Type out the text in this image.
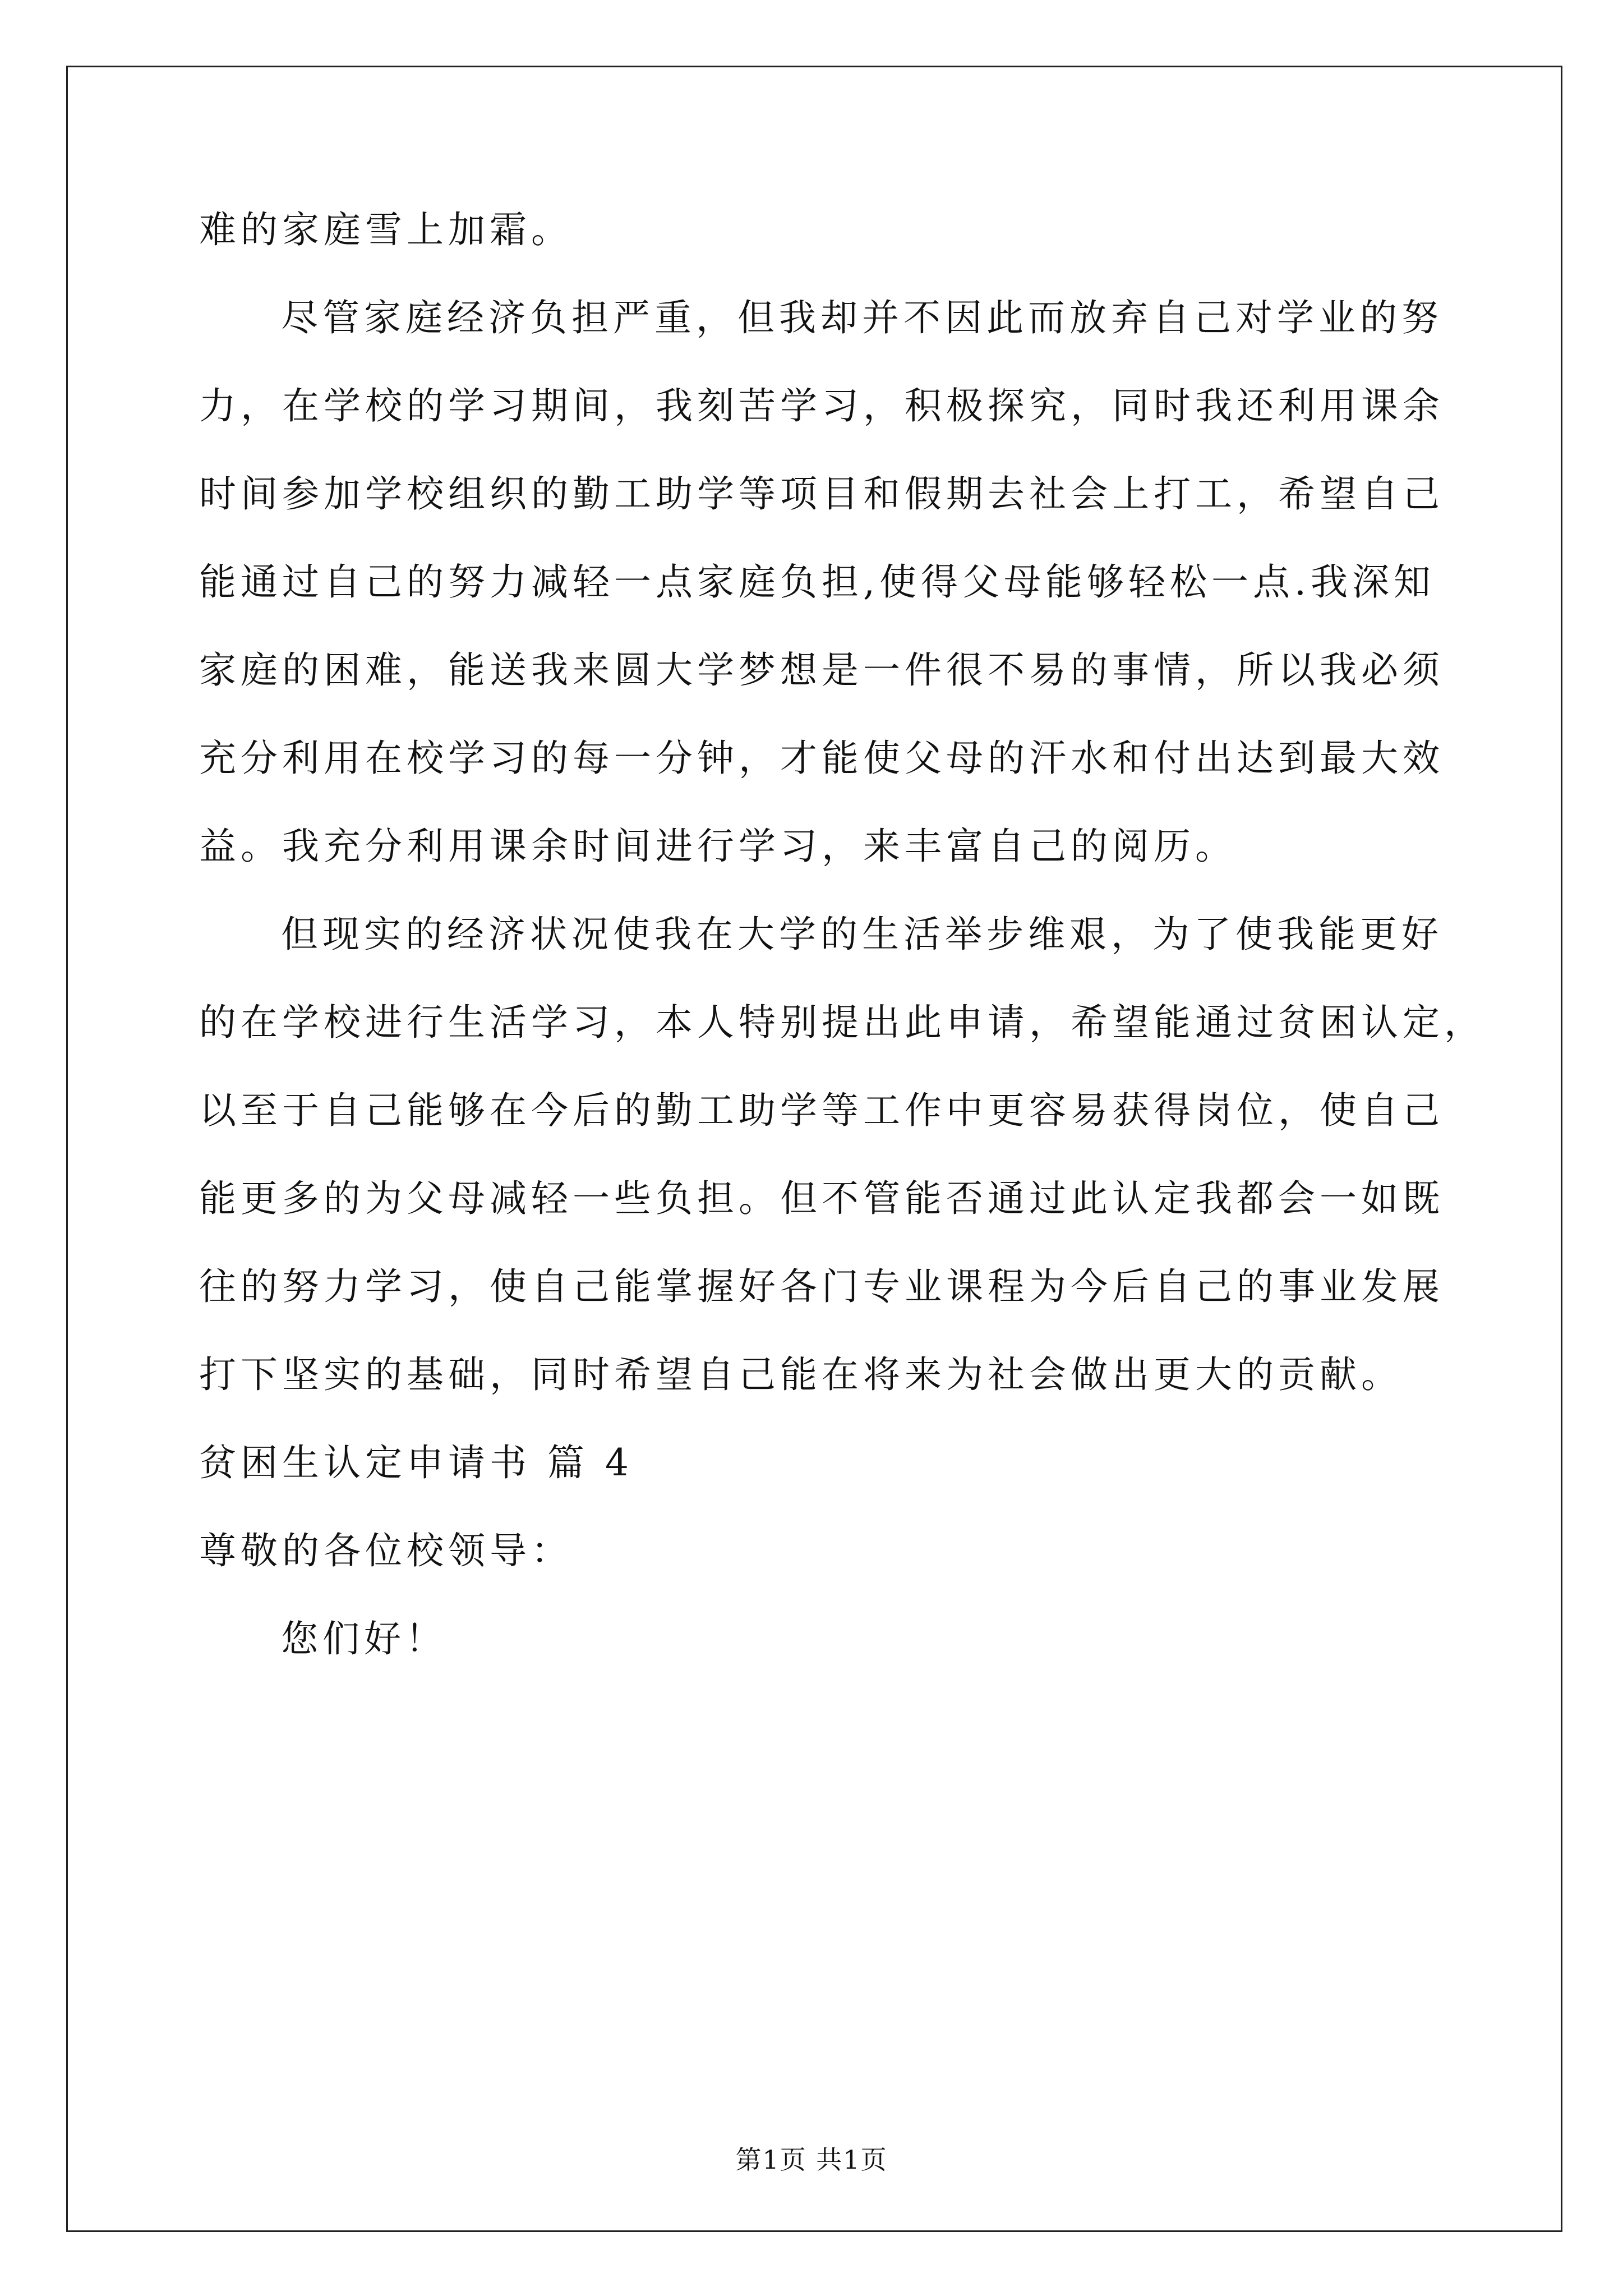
难的家庭雪上加霜。
尽管家庭经济负担严重，但我却并不因此而放弃自己对学业的努
力，在学校的学习期间，我刻苦学习，积极探究，同时我还利用课余
时间参加学校组织的勤工助学等项目和假期去社会上打工，希望自己
能通过自己的努力减轻一点家庭负担,使得父母能够轻松一点.我深知
家庭的困难，能送我来圆大学梦想是一件很不易的事情，所以我必须
充分利用在校学习的每一分钟，才能使父母的汗水和付出达到最大效
益。我充分利用课余时间进行学习，来丰富自己的阅历。
但现实的经济状况使我在大学的生活举步维艰，为了使我能更好
的在学校进行生活学习，本人特别提出此申请，希望能通过贫困认定，
以至于自己能够在今后的勤工助学等工作中更容易获得岗位，使自己
能更多的为父母减轻一些负担。但不管能否通过此认定我都会一如既
往的努力学习，使自己能掌握好各门专业课程为今后自己的事业发展
打下坚实的基础，同时希望自己能在将来为社会做出更大的贡献。
贫困生认定申请书 篇 4
尊敬的各位校领导：
您们好！
第1页 共1页
